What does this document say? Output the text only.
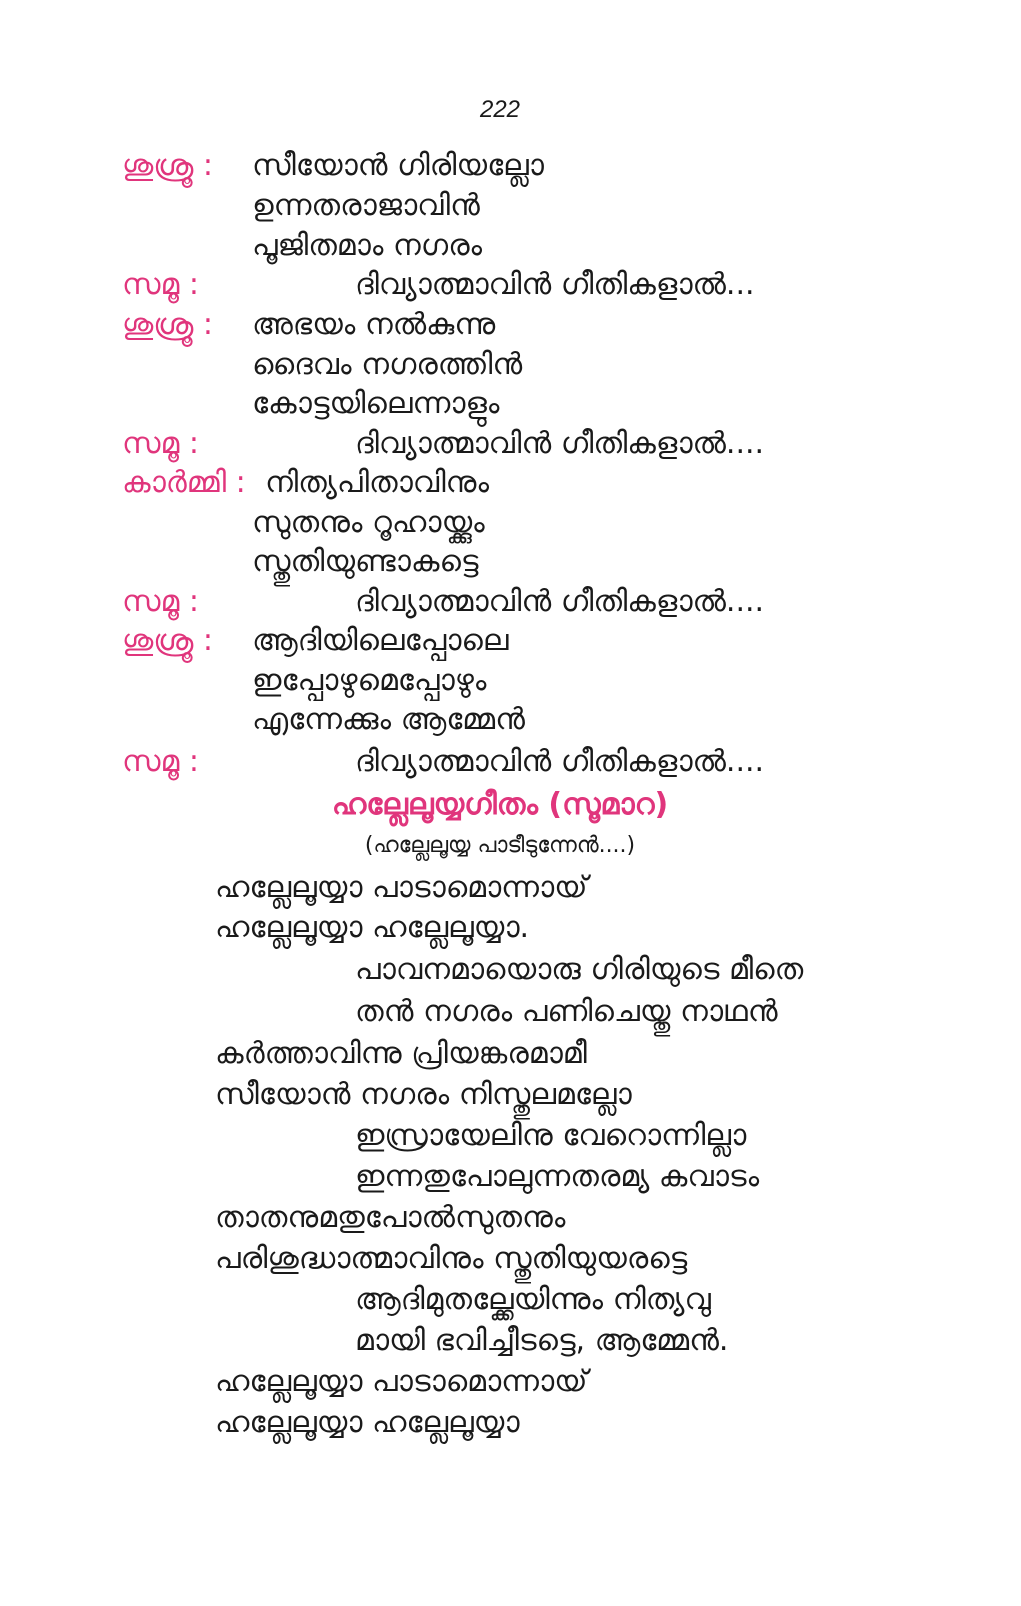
222
ശുശ്രൂ : സീയോൻ ഗിരിയല്ലോ
ഉന്നതരാജാവിൻ
പൂജിതമാം നഗരം
സമൂ :	ദിവ്യാത്മാവിൻ ഗീതികളാൽ...
ശുശ്രൂ : അഭയം നൽകുന്നു
ദൈവം നഗരത്തിൻ
കോട്ടയിലെന്നാളും
സമൂ :	ദിവ്യാത്മാവിൻ ഗീതികളാൽ....
കാർമ്മി : നിത്യപിതാവിനും
സുതനും റൂഹായ്ക്കും
സ്തുതിയുണ്ടാകട്ടെ
സമൂ :	ദിവ്യാത്മാവിൻ ഗീതികളാൽ....
ശുശ്രൂ : ആദിയിലെപ്പോലെ
ഇപ്പോഴുമെപ്പോഴും
എന്നേക്കും ആമ്മേൻ
സമൂ :	ദിവ്യാത്മാവിൻ ഗീതികളാൽ....
ഹല്ലേലൂയ്യഗീതം (സൂമാറ)
(ഹല്ലേലൂയ്യ പാടീടുന്നേൻ....)
ഹല്ലേലൂയ്യാ പാടാമൊന്നായ്
ഹല്ലേലൂയ്യാ ഹല്ലേലൂയ്യാ.
പാവനമായൊരു ഗിരിയുടെ മീതെ
തൻ നഗരം പണിചെയ്തു നാഥൻ
കർത്താവിന്നു പ്രിയങ്കരമാമീ
സീയോൻ നഗരം നിസ്തുലമല്ലോ
ഇസ്രായേലിനു വേറൊന്നില്ലാ
ഇന്നതുപോലുന്നതരമ്യ കവാടം
താതനുമതുപോൽസുതനും
പരിശുദ്ധാത്മാവിനും സ്തുതിയുയരട്ടെ
ആദിമുതല്ക്കേയിന്നും നിത്യവു
മായി ഭവിച്ചീടട്ടെ, ആമ്മേൻ.
ഹല്ലേലൂയ്യാ പാടാമൊന്നായ്
ഹല്ലേലൂയ്യാ ഹല്ലേലൂയ്യാ
